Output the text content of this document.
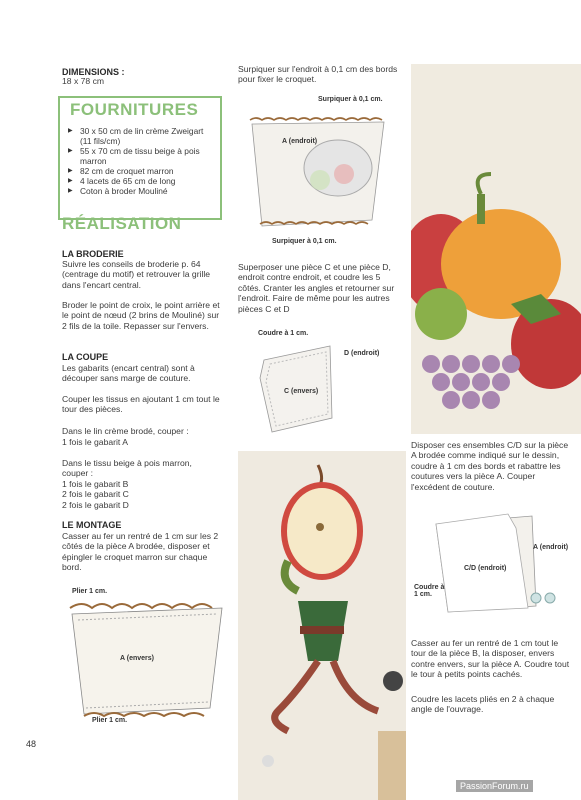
DIMENSIONS :
18 x 78 cm
FOURNITURES
▶ 30 x 50 cm de lin crème Zweigart (11 fils/cm)
▶ 55 x 70 cm de tissu beige à pois marron
▶ 82 cm de croquet marron
▶ 4 lacets de 65 cm de long
▶ Coton à broder Mouliné
RÉALISATION
LA BRODERIE
Suivre les conseils de broderie p. 64 (centrage du motif) et retrouver la grille dans l'encart central.
Broder le point de croix, le point arrière et le point de nœud (2 brins de Mouliné) sur 2 fils de la toile. Repasser sur l'envers.
LA COUPE
Les gabarits (encart central) sont à découper sans marge de couture.
Couper les tissus en ajoutant 1 cm tout le tour des pièces.
Dans le lin crème brodé, couper :
1 fois le gabarit A
Dans le tissu beige à pois marron, couper :
1 fois le gabarit B
2 fois le gabarit C
2 fois le gabarit D
LE MONTAGE
Casser au fer un rentré de 1 cm sur les 2 côtés de la pièce A brodée, disposer et épingler le croquet marron sur chaque bord.
Plier 1 cm.
A (envers)
Plier 1 cm.
48
Surpiquer sur l'endroit à 0,1 cm des bords pour fixer le croquet.
Surpiquer à 0,1 cm.
A (endroit)
Surpiquer à 0,1 cm.
Superposer une pièce C et une pièce D, endroit contre endroit, et coudre les 5 côtés. Cranter les angles et retourner sur l'endroit. Faire de même pour les autres pièces C et D
Coudre à 1 cm.
D (endroit)
C (envers)
Disposer ces ensembles C/D sur la pièce A brodée comme indiqué sur le dessin, coudre à 1 cm des bords et rabattre les coutures vers la pièce A. Couper l'excédent de couture.
A (endroit)
C/D (endroit)
Coudre à 1 cm.
Casser au fer un rentré de 1 cm tout le tour de la pièce B, la disposer, envers contre envers, sur la pièce A. Coudre tout le tour à petits points cachés.
Coudre les lacets pliés en 2 à chaque angle de l'ouvrage.
PassionForum.ru
